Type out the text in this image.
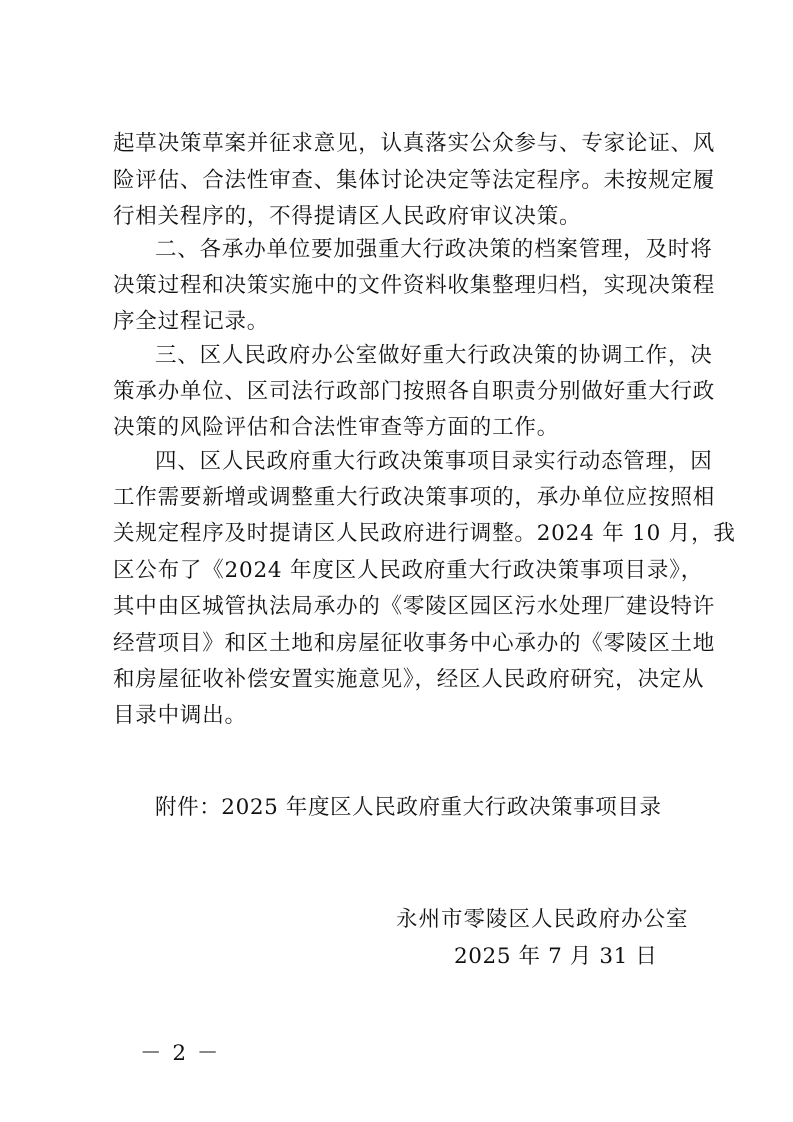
起草决策草案并征求意见，认真落实公众参与、专家论证、风
险评估、合法性审查、集体讨论决定等法定程序。未按规定履
行相关程序的，不得提请区人民政府审议决策。
二、各承办单位要加强重大行政决策的档案管理，及时将
决策过程和决策实施中的文件资料收集整理归档，实现决策程
序全过程记录。
三、区人民政府办公室做好重大行政决策的协调工作，决
策承办单位、区司法行政部门按照各自职责分别做好重大行政
决策的风险评估和合法性审查等方面的工作。
四、区人民政府重大行政决策事项目录实行动态管理，因
工作需要新增或调整重大行政决策事项的，承办单位应按照相
关规定程序及时提请区人民政府进行调整。2024 年 10 月，我
区公布了《2024 年度区人民政府重大行政决策事项目录》，
其中由区城管执法局承办的《零陵区园区污水处理厂建设特许
经营项目》和区土地和房屋征收事务中心承办的《零陵区土地
和房屋征收补偿安置实施意见》，经区人民政府研究，决定从
目录中调出。
附件：2025 年度区人民政府重大行政决策事项目录
永州市零陵区人民政府办公室
2025 年 7 月 31 日
－ 2 －
